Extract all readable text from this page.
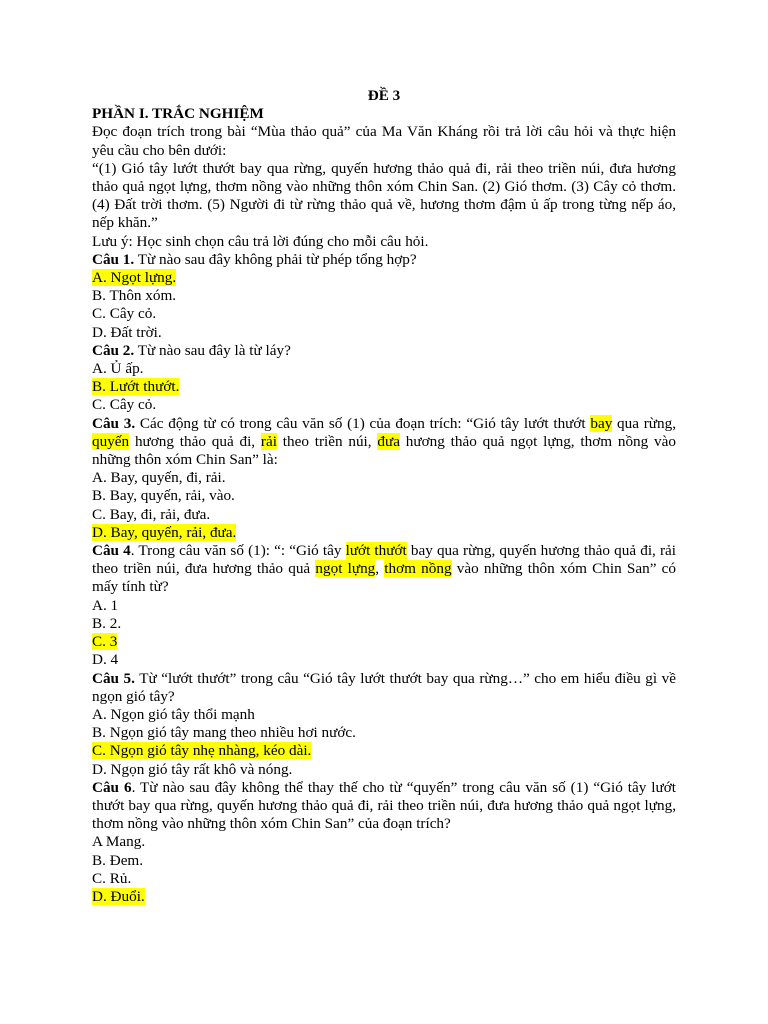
ĐỀ 3

PHẦN I. TRẮC NGHIỆM

Đọc đoạn trích trong bài “Mùa thảo quả” của Ma Văn Kháng rồi trả lời câu hỏi và thực hiện yêu cầu cho bên dưới:

“(1) Gió tây lướt thướt bay qua rừng, quyến hương thảo quả đi, rải theo triền núi, đưa hương thảo quả ngọt lựng, thơm nồng vào những thôn xóm Chin San. (2) Gió thơm. (3) Cây cỏ thơm. (4) Đất trời thơm. (5) Người đi từ rừng thảo quả về, hương thơm đậm ủ ấp trong từng nếp áo, nếp khăn.”

Lưu ý: Học sinh chọn câu trả lời đúng cho mỗi câu hỏi.

Câu 1. Từ nào sau đây không phải từ phép tổng hợp?

A. Ngọt lựng.

B. Thôn xóm.

C. Cây cỏ.

D. Đất trời.

Câu 2. Từ nào sau đây là từ láy?

A. Ủ ấp.

B. Lướt thướt.

C. Cây cỏ.

Câu 3. Các động từ có trong câu văn số (1) của đoạn trích: “Gió tây lướt thướt bay qua rừng, quyến hương thảo quả đi, rải theo triền núi, đưa hương thảo quả ngọt lựng, thơm nồng vào những thôn xóm Chin San” là:

A. Bay, quyến, đi, rải.

B. Bay, quyến, rải, vào.

C. Bay, đi, rải, đưa.

D. Bay, quyến, rải, đưa.

Câu 4. Trong câu văn số (1): “: “Gió tây lướt thướt bay qua rừng, quyến hương thảo quả đi, rải theo triền núi, đưa hương thảo quả ngọt lựng, thơm nồng vào những thôn xóm Chin San” có mấy tính từ?

A. 1

B. 2.

C. 3

D. 4

Câu 5. Từ “lướt thướt” trong câu “Gió tây lướt thướt bay qua rừng…” cho em hiểu điều gì về ngọn gió tây?

A. Ngọn gió tây thổi mạnh

B. Ngọn gió tây mang theo nhiều hơi nước.

C. Ngọn gió tây nhẹ nhàng, kéo dài.

D. Ngọn gió tây rất khô và nóng.

Câu 6. Từ nào sau đây không thể thay thế cho từ “quyến” trong câu văn số (1) “Gió tây lướt thướt bay qua rừng, quyến hương thảo quả đi, rải theo triền núi, đưa hương thảo quả ngọt lựng, thơm nồng vào những thôn xóm Chin San” của đoạn trích?

A Mang.

B. Đem.

C. Rủ.

D. Đuổi.
